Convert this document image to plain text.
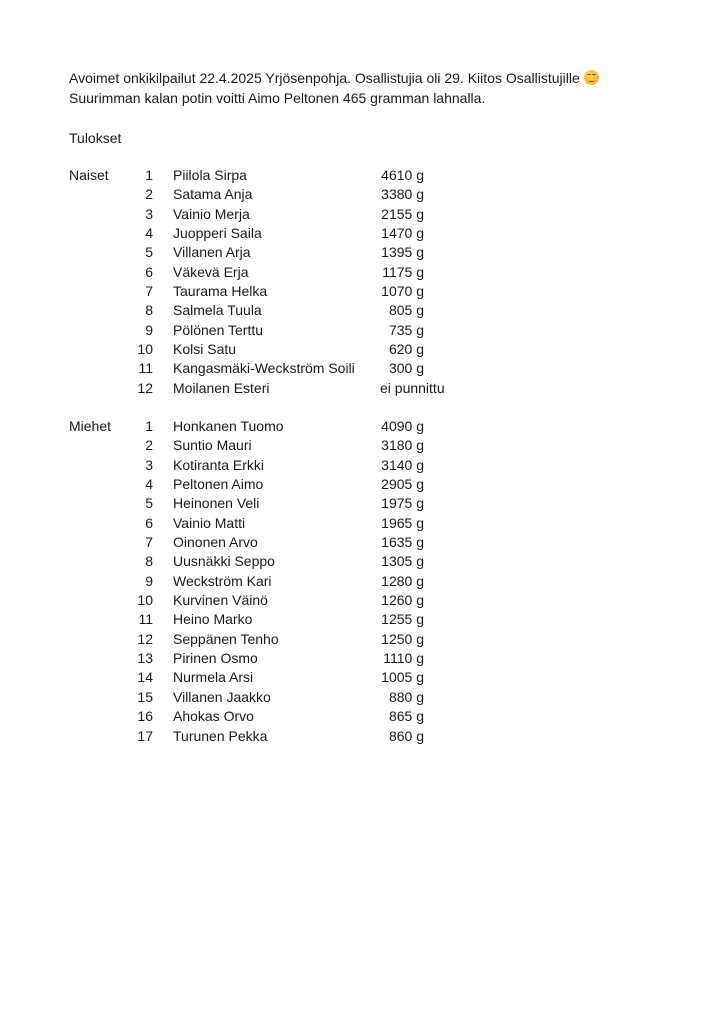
Avoimet onkikilpailut 22.4.2025 Yrjösenpohja. Osallistujia oli 29. Kiitos Osallistujille
Suurimman kalan potin voitti Aimo Peltonen 465 gramman lahnalla.
Tulokset
Naiset	1 Piilola Sirpa	4610 g
2 Satama Anja	3380 g
3 Vainio Merja	2155 g
4 Juopperi Saila	1470 g
5 Villanen Arja	1395 g
6 Väkevä Erja	1175 g
7 Taurama Helka	1070 g
8 Salmela Tuula	805 g
9 Pölönen Terttu	735 g
10 Kolsi Satu	620 g
11 Kangasmäki-Weckström Soili	300 g
12 Moilanen Esteri	ei punnittu
Miehet	1 Honkanen Tuomo	4090 g
2 Suntio Mauri	3180 g
3 Kotiranta Erkki	3140 g
4 Peltonen Aimo	2905 g
5 Heinonen Veli	1975 g
6 Vainio Matti	1965 g
7 Oinonen Arvo	1635 g
8 Uusnäkki Seppo	1305 g
9 Weckström Kari	1280 g
10 Kurvinen Väinö	1260 g
11 Heino Marko	1255 g
12 Seppänen Tenho	1250 g
13 Pirinen Osmo	1110 g
14 Nurmela Arsi	1005 g
15 Villanen Jaakko	880 g
16 Ahokas Orvo	865 g
17 Turunen Pekka	860 g
